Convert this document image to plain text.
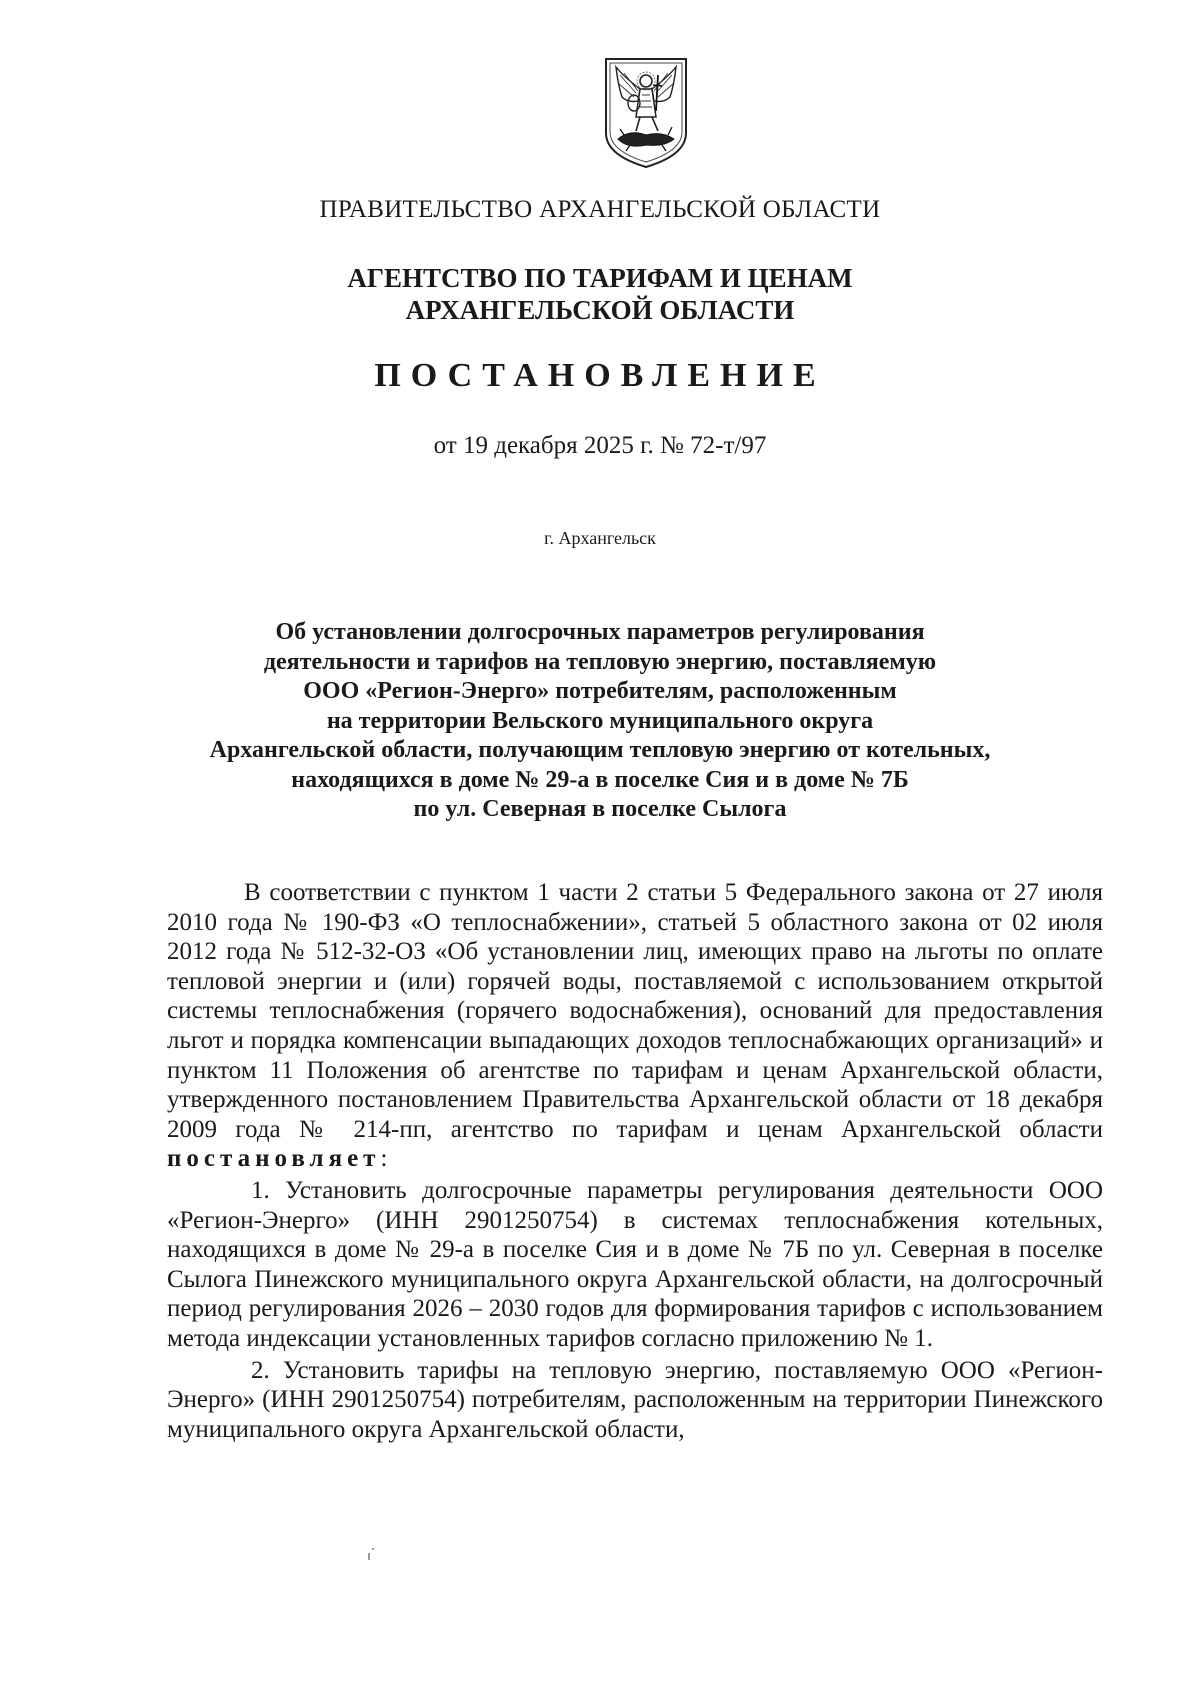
ПРАВИТЕЛЬСТВО АРХАНГЕЛЬСКОЙ ОБЛАСТИ
АГЕНТСТВО ПО ТАРИФАМ И ЦЕНАМ
АРХАНГЕЛЬСКОЙ ОБЛАСТИ
ПОСТАНОВЛЕНИЕ
от 19 декабря 2025 г. № 72-т/97
г. Архангельск
Об установлении долгосрочных параметров регулирования
деятельности и тарифов на тепловую энергию, поставляемую
ООО «Регион-Энерго» потребителям, расположенным
на территории Вельского муниципального округа
Архангельской области, получающим тепловую энергию от котельных,
находящихся в доме № 29-а в поселке Сия и в доме № 7Б
по ул. Северная в поселке Сылога

В соответствии с пунктом 1 части 2 статьи 5 Федерального закона от 27 июля 2010 года № 190-ФЗ «О теплоснабжении», статьей 5 областного закона от 02 июля 2012 года № 512-32-ОЗ «Об установлении лиц, имеющих право на льготы по оплате тепловой энергии и (или) горячей воды, поставляемой с использованием открытой системы теплоснабжения (горячего водоснабжения), оснований для предоставления льгот и порядка компенсации выпадающих доходов теплоснабжающих организаций» и пунктом 11 Положения об агентстве по тарифам и ценам Архангельской области, утвержденного постановлением Правительства Архангельской области от 18 декабря 2009 года № 214-пп, агентство по тарифам и ценам Архангельской области постановляет:

1. Установить долгосрочные параметры регулирования деятельности ООО «Регион-Энерго» (ИНН 2901250754) в системах теплоснабжения котельных, находящихся в доме № 29-а в поселке Сия и в доме № 7Б по ул. Северная в поселке Сылога Пинежского муниципального округа Архангельской области, на долгосрочный период регулирования 2026 – 2030 годов для формирования тарифов с использованием метода индексации установленных тарифов согласно приложению № 1.

2. Установить тарифы на тепловую энергию, поставляемую ООО «Регион-Энерго» (ИНН 2901250754) потребителям, расположенным на территории Пинежского муниципального округа Архангельской области,
